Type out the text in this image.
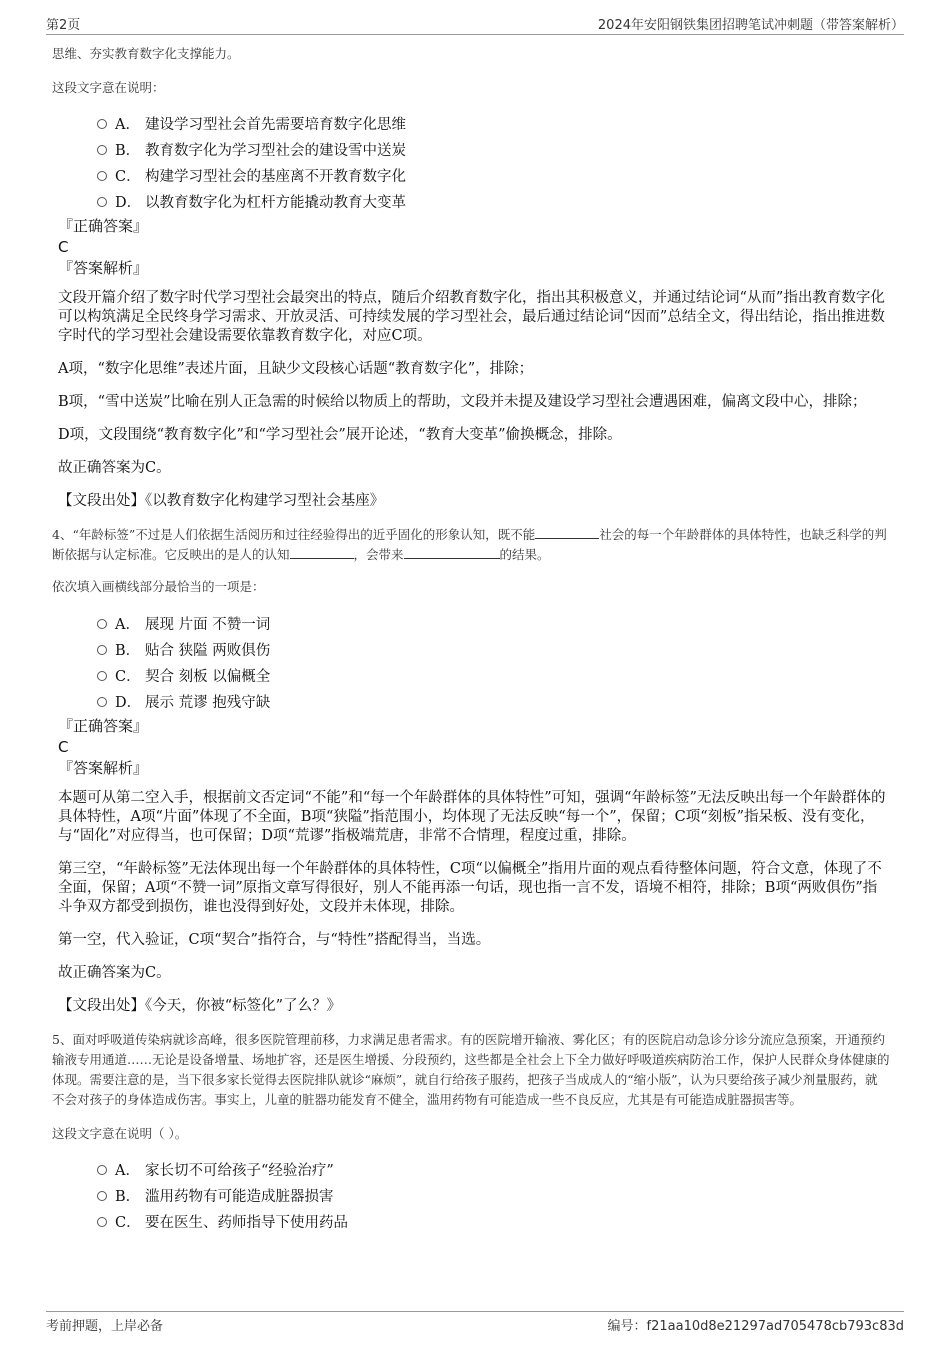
第2页	2024年安阳钢铁集团招聘笔试冲刺题（带答案解析）

思维、夯实教育数字化支撑能力。

这段文字意在说明：

A． 建设学习型社会首先需要培育数字化思维
B． 教育数字化为学习型社会的建设雪中送炭
C． 构建学习型社会的基座离不开教育数字化
D． 以教育数字化为杠杆方能撬动教育大变革

『正确答案』

C

『答案解析』

文段开篇介绍了数字时代学习型社会最突出的特点，随后介绍教育数字化，指出其积极意义，并通过结论词“从而”指出教育数字化可以构筑满足全民终身学习需求、开放灵活、可持续发展的学习型社会，最后通过结论词“因而”总结全文，得出结论，指出推进数字时代的学习型社会建设需要依靠教育数字化，对应C项。

A项，“数字化思维”表述片面，且缺少文段核心话题“教育数字化”，排除；

B项，“雪中送炭”比喻在别人正急需的时候给以物质上的帮助，文段并未提及建设学习型社会遭遇困难，偏离文段中心，排除；

D项，文段围绕“教育数字化”和“学习型社会”展开论述，“教育大变革”偷换概念，排除。

故正确答案为C。

【文段出处】《以教育数字化构建学习型社会基座》

4、“年龄标签”不过是人们依据生活阅历和过往经验得出的近乎固化的形象认知，既不能	社会的每一个年龄群体的具体特性，也缺乏科学的判断依据与认定标准。它反映出的是人的认知	，会带来	的结果。

依次填入画横线部分最恰当的一项是：

A． 展现 片面 不赞一词
B． 贴合 狭隘 两败俱伤
C． 契合 刻板 以偏概全
D． 展示 荒谬 抱残守缺

『正确答案』

C

『答案解析』

本题可从第二空入手，根据前文否定词“不能”和“每一个年龄群体的具体特性”可知，强调“年龄标签”无法反映出每一个年龄群体的具体特性，A项“片面”体现了不全面，B项“狭隘”指范围小，均体现了无法反映“每一个”，保留；C项“刻板”指呆板、没有变化，与“固化”对应得当，也可保留；D项“荒谬”指极端荒唐，非常不合情理，程度过重，排除。

第三空，“年龄标签”无法体现出每一个年龄群体的具体特性，C项“以偏概全”指用片面的观点看待整体问题，符合文意，体现了不全面，保留；A项“不赞一词”原指文章写得很好，别人不能再添一句话，现也指一言不发，语境不相符，排除；B项“两败俱伤”指斗争双方都受到损伤，谁也没得到好处，文段并未体现，排除。

第一空，代入验证，C项“契合”指符合，与“特性”搭配得当，当选。

故正确答案为C。

【文段出处】《今天，你被“标签化”了么？》

5、面对呼吸道传染病就诊高峰，很多医院管理前移，力求满足患者需求。有的医院增开输液、雾化区；有的医院启动急诊分诊分流应急预案，开通预约输液专用通道……无论是设备增量、场地扩容，还是医生增援、分段预约，这些都是全社会上下全力做好呼吸道疾病防治工作，保护人民群众身体健康的体现。需要注意的是，当下很多家长觉得去医院排队就诊“麻烦”，就自行给孩子服药，把孩子当成成人的“缩小版”，认为只要给孩子减少剂量服药，就不会对孩子的身体造成伤害。事实上，儿童的脏器功能发育不健全，滥用药物有可能造成一些不良反应，尤其是有可能造成脏器损害等。

这段文字意在说明（ ）。

A． 家长切不可给孩子“经验治疗”
B． 滥用药物有可能造成脏器损害
C． 要在医生、药师指导下使用药品
考前押题，上岸必备	编号：f21aa10d8e21297ad705478cb793c83d
